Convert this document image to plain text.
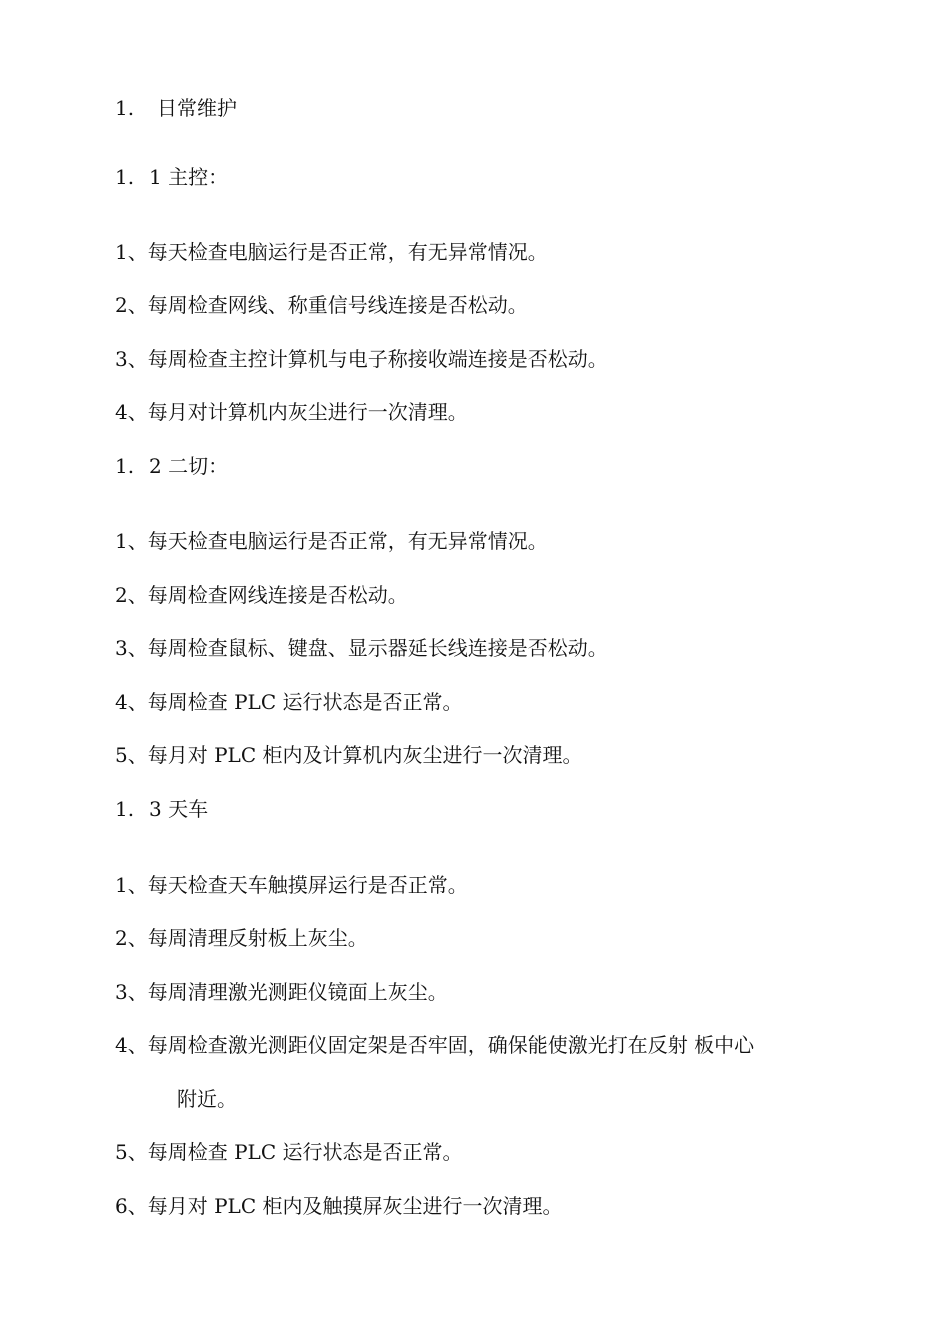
1. 日常维护
1. 1 主控：
1、每天检查电脑运行是否正常，有无异常情况。
2、每周检查网线、称重信号线连接是否松动。
3、每周检查主控计算机与电子称接收端连接是否松动。
4、每月对计算机内灰尘进行一次清理。
1. 2 二切：
1、每天检查电脑运行是否正常，有无异常情况。
2、每周检查网线连接是否松动。
3、每周检查鼠标、键盘、显示器延长线连接是否松动。
4、每周检查 PLC 运行状态是否正常。
5、每月对 PLC 柜内及计算机内灰尘进行一次清理。
1. 3 天车
1、每天检查天车触摸屏运行是否正常。
2、每周清理反射板上灰尘。
3、每周清理激光测距仪镜面上灰尘。
4、每周检查激光测距仪固定架是否牢固，确保能使激光打在反射 板中心
附近。
5、每周检查 PLC 运行状态是否正常。
6、每月对 PLC 柜内及触摸屏灰尘进行一次清理。
